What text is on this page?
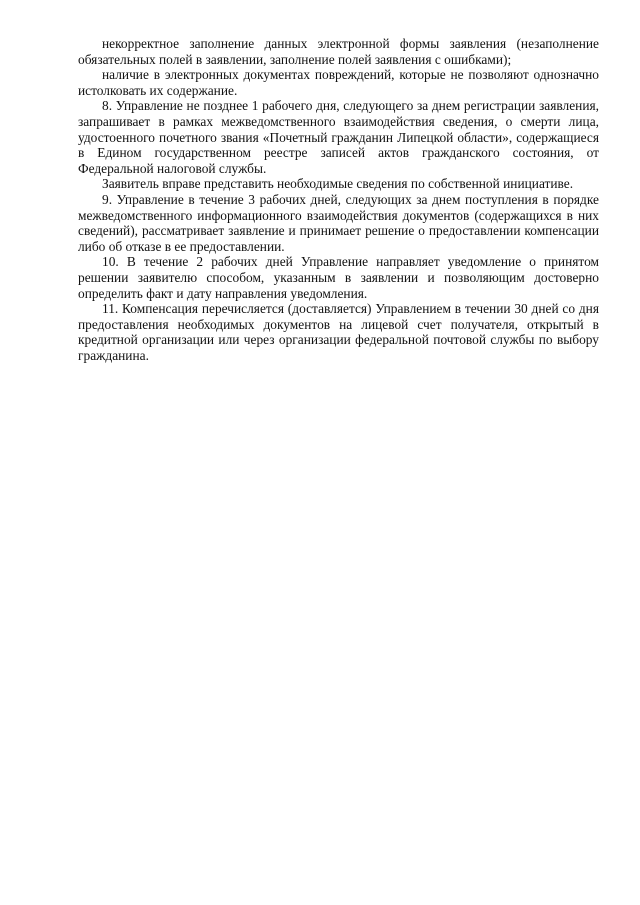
некорректное заполнение данных электронной формы заявления (незаполнение обязательных полей в заявлении, заполнение полей заявления с ошибками);

наличие в электронных документах повреждений, которые не позволяют однозначно истолковать их содержание.

8. Управление не позднее 1 рабочего дня, следующего за днем регистрации заявления, запрашивает в рамках межведомственного взаимодействия сведения, о смерти лица, удостоенного почетного звания «Почетный гражданин Липецкой области», содержащиеся в Едином государственном реестре записей актов гражданского состояния, от Федеральной налоговой службы.

Заявитель вправе представить необходимые сведения по собственной инициативе.

9. Управление в течение 3 рабочих дней, следующих за днем поступления в порядке межведомственного информационного взаимодействия документов (содержащихся в них сведений), рассматривает заявление и принимает решение о предоставлении компенсации либо об отказе в ее предоставлении.

10. В течение 2 рабочих дней Управление направляет уведомление о принятом решении заявителю способом, указанным в заявлении и позволяющим достоверно определить факт и дату направления уведомления.

11. Компенсация перечисляется (доставляется) Управлением в течении 30 дней со дня предоставления необходимых документов на лицевой счет получателя, открытый в кредитной организации или через организации федеральной почтовой службы по выбору гражданина.
